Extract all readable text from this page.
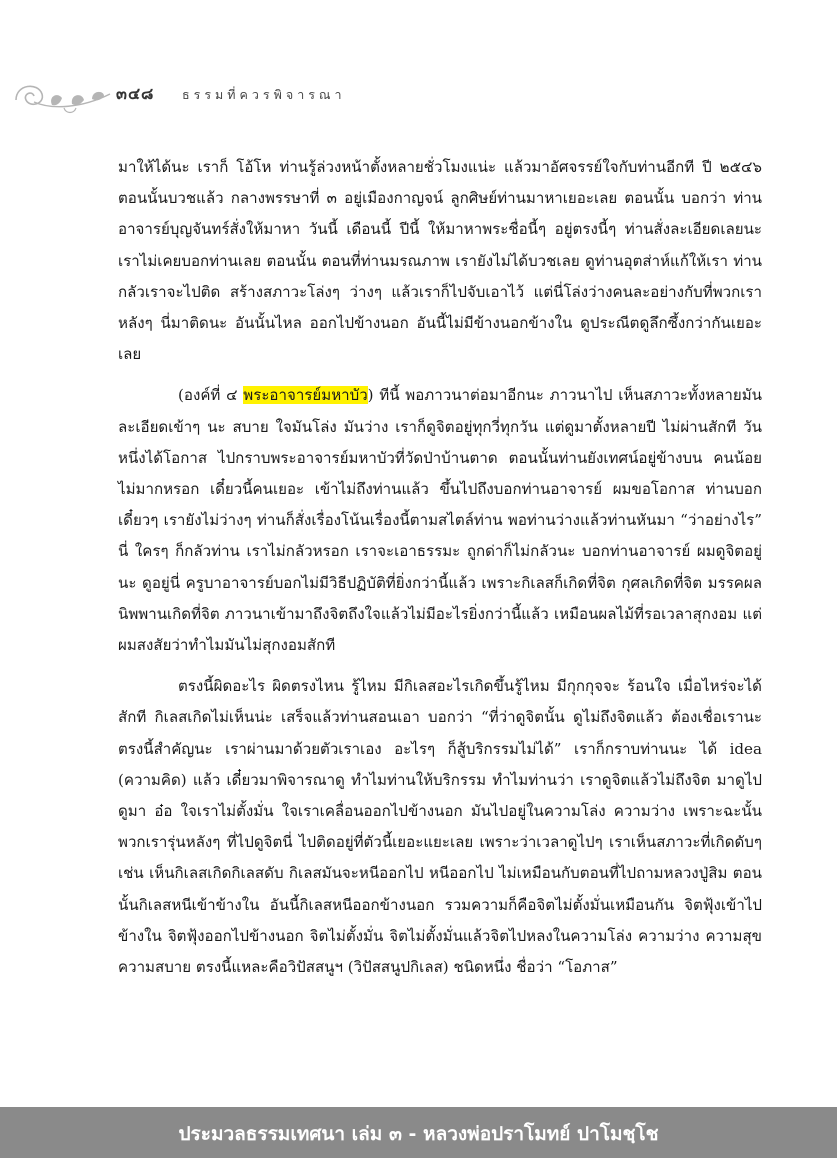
๓๔๘ ธรรมที่ควรพิจารณา

มาให้ได้นะ เราก็ โอ้โห ท่านรู้ล่วงหน้าตั้งหลายชั่วโมงแน่ะ แล้วมาอัศจรรย์ใจกับท่านอีกที ปี ๒๕๔๖ ตอนนั้นบวชแล้ว กลางพรรษาที่ ๓ อยู่เมืองกาญจน์ ลูกศิษย์ท่านมาหาเยอะเลย ตอนนั้น บอกว่า ท่านอาจารย์บุญจันทร์สั่งให้มาหา วันนี้ เดือนนี้ ปีนี้ ให้มาหาพระชื่อนี้ๆ อยู่ตรงนี้ๆ ท่านสั่งละเอียดเลยนะ เราไม่เคยบอกท่านเลย ตอนนั้น ตอนที่ท่านมรณภาพ เรายังไม่ได้บวชเลย ดูท่านอุตส่าห์แก้ให้เรา ท่านกลัวเราจะไปติด สร้างสภาวะโล่งๆ ว่างๆ แล้วเราก็ไปจับเอาไว้ แต่นี่โล่งว่างคนละอย่างกับที่พวกเราหลังๆ นี่มาติดนะ อันนั้นไหล ออกไปข้างนอก อันนี้ไม่มีข้างนอกข้างใน ดูประณีตดูลึกซึ้งกว่ากันเยอะเลย

(องค์ที่ ๔ พระอาจารย์มหาบัว) ทีนี้ พอภาวนาต่อมาอีกนะ ภาวนาไป เห็นสภาวะทั้งหลายมันละเอียดเข้าๆ นะ สบาย ใจมันโล่ง มันว่าง เราก็ดูจิตอยู่ทุกวี่ทุกวัน แต่ดูมาตั้งหลายปี ไม่ผ่านสักที วันหนึ่งได้โอกาส ไปกราบพระอาจารย์มหาบัวที่วัดป่าบ้านตาด ตอนนั้นท่านยังเทศน์อยู่ข้างบน คนน้อย ไม่มากหรอก เดี๋ยวนี้คนเยอะ เข้าไม่ถึงท่านแล้ว ขึ้นไปถึงบอกท่านอาจารย์ ผมขอโอกาส ท่านบอก เดี๋ยวๆ เรายังไม่ว่างๆ ท่านก็สั่งเรื่องโน้นเรื่องนี้ตามสไตล์ท่าน พอท่านว่างแล้วท่านหันมา “ว่าอย่างไร” นี่ ใครๆ ก็กลัวท่าน เราไม่กลัวหรอก เราจะเอาธรรมะ ถูกด่าก็ไม่กลัวนะ บอกท่านอาจารย์ ผมดูจิตอยู่นะ ดูอยู่นี่ ครูบาอาจารย์บอกไม่มีวิธีปฏิบัติที่ยิ่งกว่านี้แล้ว เพราะกิเลสก็เกิดที่จิต กุศลเกิดที่จิต มรรคผลนิพพานเกิดที่จิต ภาวนาเข้ามาถึงจิตถึงใจแล้วไม่มีอะไรยิ่งกว่านี้แล้ว เหมือนผลไม้ที่รอเวลาสุกงอม แต่ผมสงสัยว่าทำไมมันไม่สุกงอมสักที

ตรงนี้ผิดอะไร ผิดตรงไหน รู้ไหม มีกิเลสอะไรเกิดขึ้นรู้ไหม มีกุกกุจจะ ร้อนใจ เมื่อไหร่จะได้สักที กิเลสเกิดไม่เห็นน่ะ เสร็จแล้วท่านสอนเอา บอกว่า “ที่ว่าดูจิตนั้น ดูไม่ถึงจิตแล้ว ต้องเชื่อเรานะ ตรงนี้สำคัญนะ เราผ่านมาด้วยตัวเราเอง อะไรๆ ก็สู้บริกรรมไม่ได้” เราก็กราบท่านนะ ได้ idea (ความคิด) แล้ว เดี๋ยวมาพิจารณาดู ทำไมท่านให้บริกรรม ทำไมท่านว่า เราดูจิตแล้วไม่ถึงจิต มาดูไปดูมา อ๋อ ใจเราไม่ตั้งมั่น ใจเราเคลื่อนออกไปข้างนอก มันไปอยู่ในความโล่ง ความว่าง เพราะฉะนั้นพวกเรารุ่นหลังๆ ที่ไปดูจิตนี่ ไปติดอยู่ที่ตัวนี้เยอะแยะเลย เพราะว่าเวลาดูไปๆ เราเห็นสภาวะที่เกิดดับๆ เช่น เห็นกิเลสเกิดกิเลสดับ กิเลสมันจะหนีออกไป หนีออกไป ไม่เหมือนกับตอนที่ไปถามหลวงปู่สิม ตอนนั้นกิเลสหนีเข้าข้างใน อันนี้กิเลสหนีออกข้างนอก รวมความก็คือจิตไม่ตั้งมั่นเหมือนกัน จิตฟุ้งเข้าไปข้างใน จิตฟุ้งออกไปข้างนอก จิตไม่ตั้งมั่น จิตไม่ตั้งมั่นแล้วจิตไปหลงในความโล่ง ความว่าง ความสุข ความสบาย ตรงนี้แหละคือวิปัสสนูฯ (วิปัสสนูปกิเลส) ชนิดหนึ่ง ชื่อว่า “โอภาส”

ประมวลธรรมเทศนา เล่ม ๓ - หลวงพ่อปราโมทย์ ปาโมชฺโช
